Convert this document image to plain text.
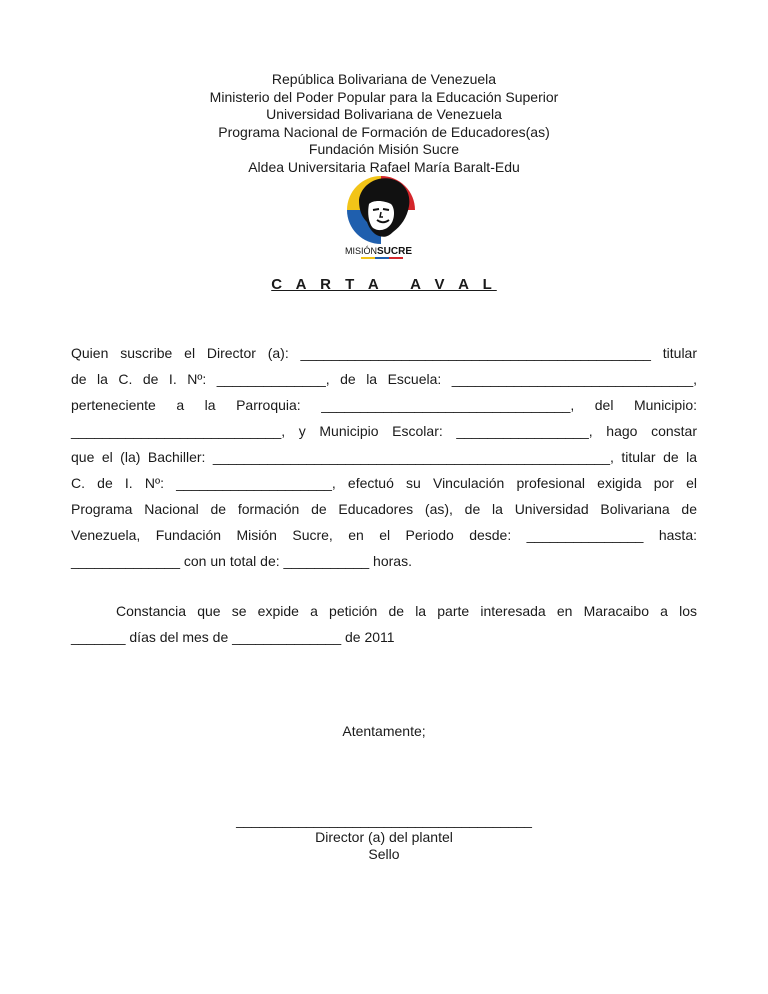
República Bolivariana de Venezuela
Ministerio del Poder Popular para la Educación Superior
Universidad Bolivariana de Venezuela
Programa Nacional de Formación de Educadores(as)
Fundación Misión Sucre
Aldea Universitaria Rafael María Baralt-Edu
MISIÓN SUCRE
C A R T A   A V A L
Quien suscribe el Director (a): _____________________________________________ titular
de la C. de I. Nº: ______________, de la Escuela: _______________________________,
perteneciente a la Parroquia: ________________________________, del Municipio:
___________________________, y Municipio Escolar: _________________, hago constar
que el (la) Bachiller: ___________________________________________________, titular de la
C. de I. Nº: ____________________, efectuó su Vinculación profesional exigida por el
Programa Nacional de formación de Educadores (as), de la Universidad Bolivariana de
Venezuela, Fundación Misión Sucre, en el Periodo desde: _______________ hasta:
______________ con un total de: ___________ horas.
Constancia que se expide a petición de la parte interesada en Maracaibo a los
_______ días del mes de ______________ de 2011
Atentamente;
______________________________________
Director (a) del plantel
Sello
